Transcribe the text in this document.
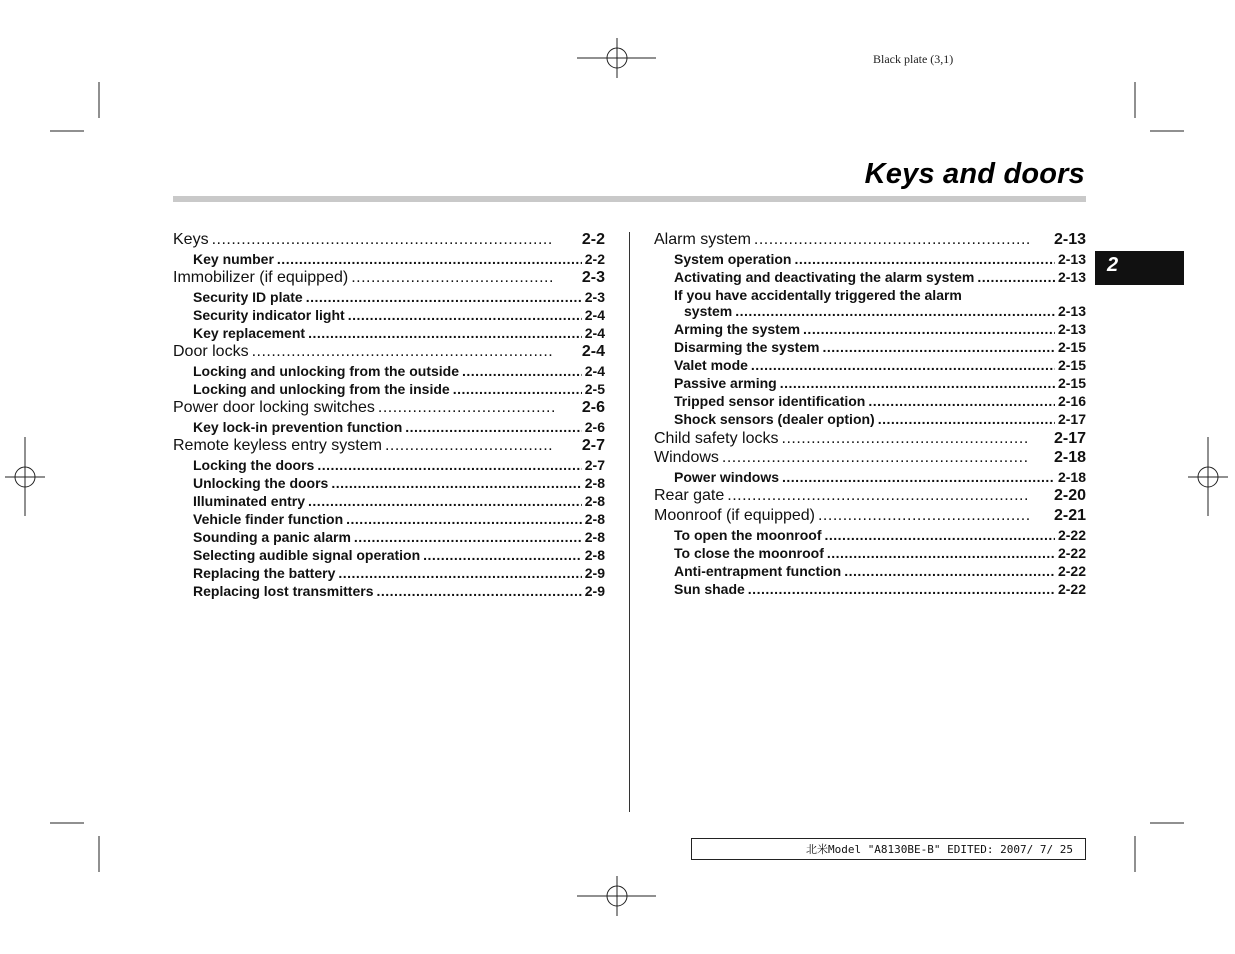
Black plate (3,1)
Keys and doors
2
Keys .....	2-2
Key number .....	2-2
Immobilizer (if equipped) .....	2-3
Security ID plate .....	2-3
Security indicator light .....	2-4
Key replacement .....	2-4
Door locks .....	2-4
Locking and unlocking from the outside .....	2-4
Locking and unlocking from the inside .....	2-5
Power door locking switches .....	2-6
Key lock-in prevention function .....	2-6
Remote keyless entry system .....	2-7
Locking the doors .....	2-7
Unlocking the doors .....	2-8
Illuminated entry .....	2-8
Vehicle finder function .....	2-8
Sounding a panic alarm .....	2-8
Selecting audible signal operation .....	2-8
Replacing the battery .....	2-9
Replacing lost transmitters .....	2-9
Alarm system .....	2-13
System operation .....	2-13
Activating and deactivating the alarm system .....	2-13
If you have accidentally triggered the alarm
system .....	2-13
Arming the system .....	2-13
Disarming the system .....	2-15
Valet mode .....	2-15
Passive arming .....	2-15
Tripped sensor identification .....	2-16
Shock sensors (dealer option) .....	2-17
Child safety locks .....	2-17
Windows .....	2-18
Power windows .....	2-18
Rear gate .....	2-20
Moonroof (if equipped) .....	2-21
To open the moonroof .....	2-22
To close the moonroof .....	2-22
Anti-entrapment function .....	2-22
Sun shade .....	2-22
北米Model "A8130BE-B" EDITED: 2007/ 7/ 25
